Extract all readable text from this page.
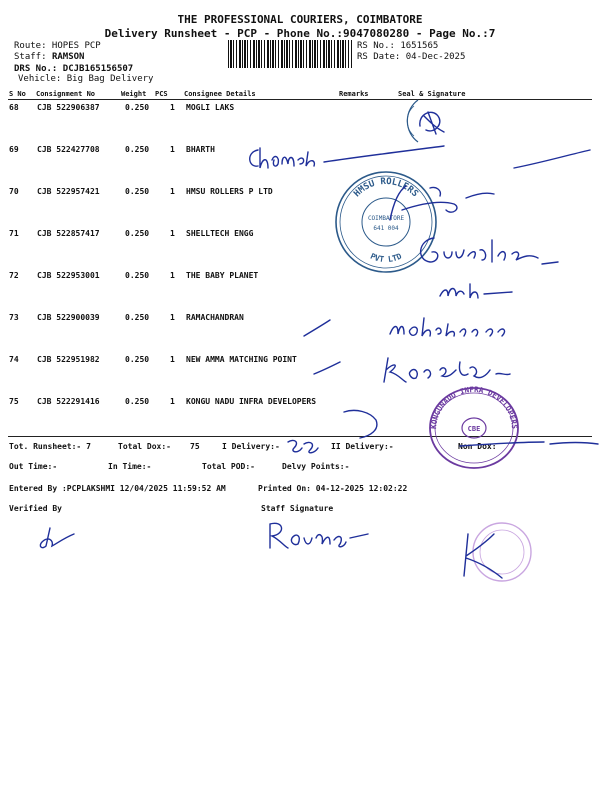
THE PROFESSIONAL COURIERS, COIMBATORE
Delivery Runsheet - PCP - Phone No.:9047080280 - Page No.:7
Route: HOPES PCP
Staff: RAMSON
DRS No.: DCJB165156507
Vehicle: Big Bag Delivery
RS No.: 1651565
RS Date: 04-Dec-2025
S No Consignment No	Weight PCS Consignee Details	Remarks	Seal & Signature
68 CJB 522906387	0.250	1 MOGLI LAKS
69 CJB 522427708	0.250	1 BHARTH
70 CJB 522957421	0.250	1 HMSU ROLLERS P LTD
71 CJB 522857417	0.250	1 SHELLTECH ENGG
72 CJB 522953001	0.250	1 THE BABY PLANET
73 CJB 522900039	0.250	1 RAMACHANDRAN
74 CJB 522951982	0.250	1 NEW AMMA MATCHING POINT
75 CJB 522291416	0.250	1 KONGU NADU INFRA DEVELOPERS
Tot. Runsheet:- 7	Total Dox:- 75	I Delivery:-	II Delivery:-	Non Dox:
Out Time:-	In Time:-	Total POD:-	Delvy Points:-
Entered By :PCPLAKSHMI 12/04/2025 11:59:52 AM	Printed On: 04-12-2025 12:02:22
Verified By	Staff Signature
HMSU ROLLERS
PVT LTD
COIMBATORE
641 004
KONGUNADU INFRA DEVELOPERS
CBE
